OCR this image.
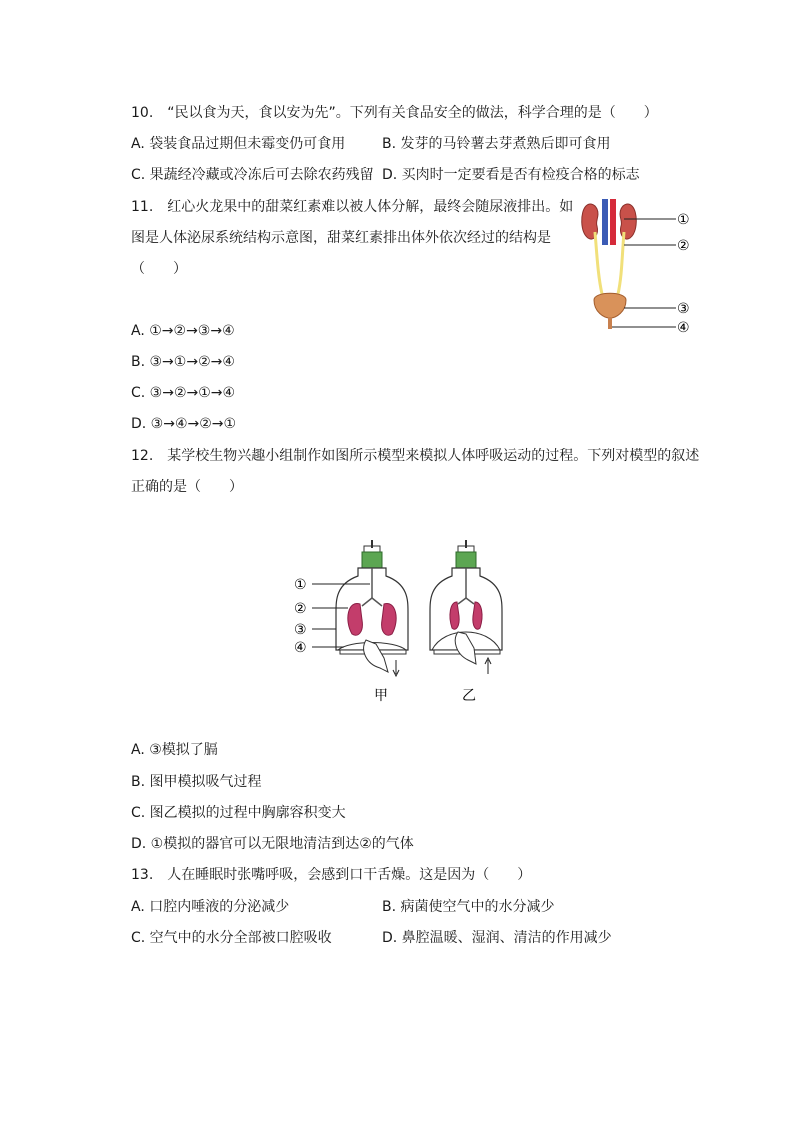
10.　“民以食为天，食以安为先”。下列有关食品安全的做法，科学合理的是（　　）
A. 袋装食品过期但未霉变仍可食用	B. 发芽的马铃薯去芽煮熟后即可食用
C. 果蔬经冷藏或冷冻后可去除农药残留 D. 买肉时一定要看是否有检疫合格的标志
11.　红心火龙果中的甜菜红素难以被人体分解，最终会随尿液排出。如
图是人体泌尿系统结构示意图，甜菜红素排出体外依次经过的结构是
（　　）
①
②
③
④
A. ①→②→③→④
B. ③→①→②→④
C. ③→②→①→④
D. ③→④→②→①
12.　某学校生物兴趣小组制作如图所示模型来模拟人体呼吸运动的过程。下列对模型的叙述
正确的是（　　）
①
②
③
④
甲	乙
A. ③模拟了膈
B. 图甲模拟吸气过程
C. 图乙模拟的过程中胸廓容积变大
D. ①模拟的器官可以无限地清洁到达②的气体
13.　人在睡眠时张嘴呼吸，会感到口干舌燥。这是因为（　　）
A. 口腔内唾液的分泌减少	B. 病菌使空气中的水分减少
C. 空气中的水分全部被口腔吸收	D. 鼻腔温暖、湿润、清洁的作用减少
